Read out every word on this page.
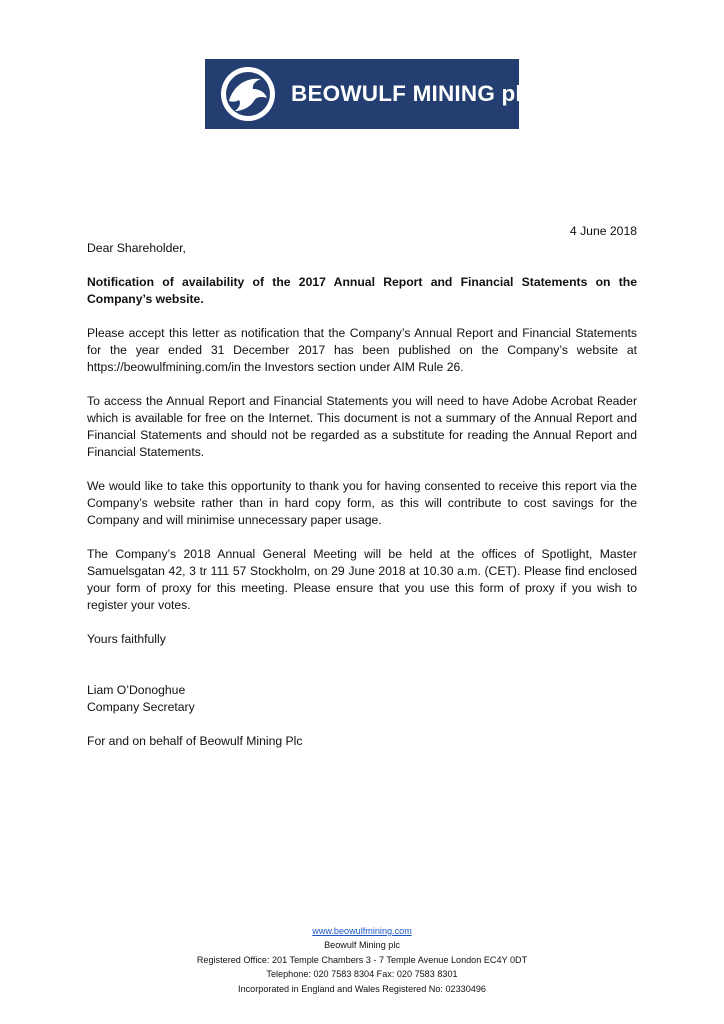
BEOWULF MINING plc

4 June 2018

Dear Shareholder,

Notification of availability of the 2017 Annual Report and Financial Statements on the Company’s website.

Please accept this letter as notification that the Company’s Annual Report and Financial Statements for the year ended 31 December 2017 has been published on the Company’s website at https://beowulfmining.com/in the Investors section under AIM Rule 26.

To access the Annual Report and Financial Statements you will need to have Adobe Acrobat Reader which is available for free on the Internet. This document is not a summary of the Annual Report and Financial Statements and should not be regarded as a substitute for reading the Annual Report and Financial Statements.

We would like to take this opportunity to thank you for having consented to receive this report via the Company’s website rather than in hard copy form, as this will contribute to cost savings for the Company and will minimise unnecessary paper usage.

The Company’s 2018 Annual General Meeting will be held at the offices of Spotlight, Master Samuelsgatan 42, 3 tr 111 57 Stockholm, on 29 June 2018 at 10.30 a.m. (CET). Please find enclosed your form of proxy for this meeting. Please ensure that you use this form of proxy if you wish to register your votes.

Yours faithfully

Liam O’Donoghue

Company Secretary

For and on behalf of Beowulf Mining Plc

www.beowulfmining.com
Beowulf Mining plc
Registered Office: 201 Temple Chambers 3 - 7 Temple Avenue London EC4Y 0DT
Telephone: 020 7583 8304 Fax: 020 7583 8301
Incorporated in England and Wales Registered No: 02330496
